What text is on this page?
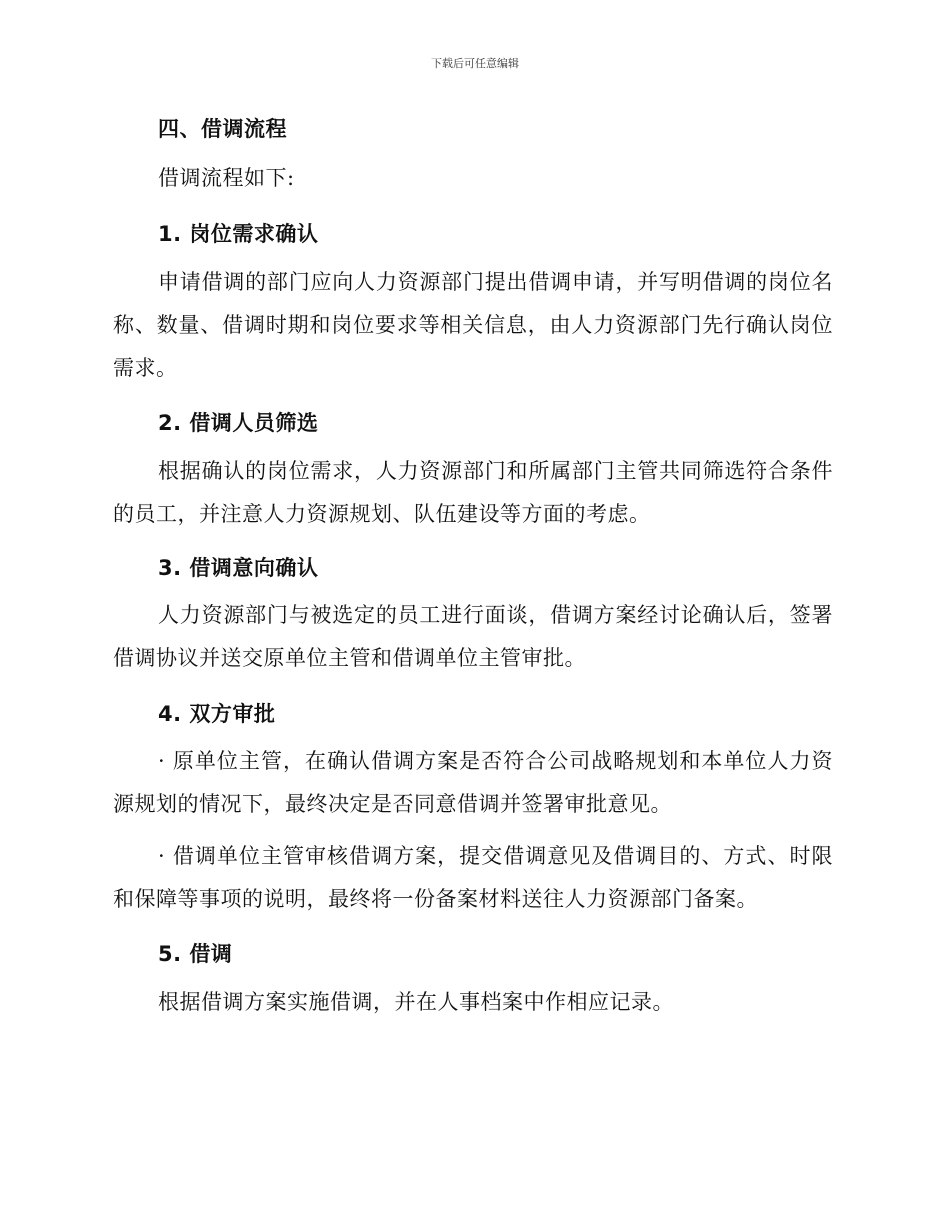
下载后可任意编辑
四、借调流程
借调流程如下:
1. 岗位需求确认
申请借调的部门应向人力资源部门提出借调申请，并写明借调的岗位名称、数量、借调时期和岗位要求等相关信息，由人力资源部门先行确认岗位需求。
2. 借调人员筛选
根据确认的岗位需求，人力资源部门和所属部门主管共同筛选符合条件的员工，并注意人力资源规划、队伍建设等方面的考虑。
3. 借调意向确认
人力资源部门与被选定的员工进行面谈，借调方案经讨论确认后，签署借调协议并送交原单位主管和借调单位主管审批。
4. 双方审批
· 原单位主管，在确认借调方案是否符合公司战略规划和本单位人力资源规划的情况下，最终决定是否同意借调并签署审批意见。
· 借调单位主管审核借调方案，提交借调意见及借调目的、方式、时限和保障等事项的说明，最终将一份备案材料送往人力资源部门备案。
5. 借调
根据借调方案实施借调，并在人事档案中作相应记录。
